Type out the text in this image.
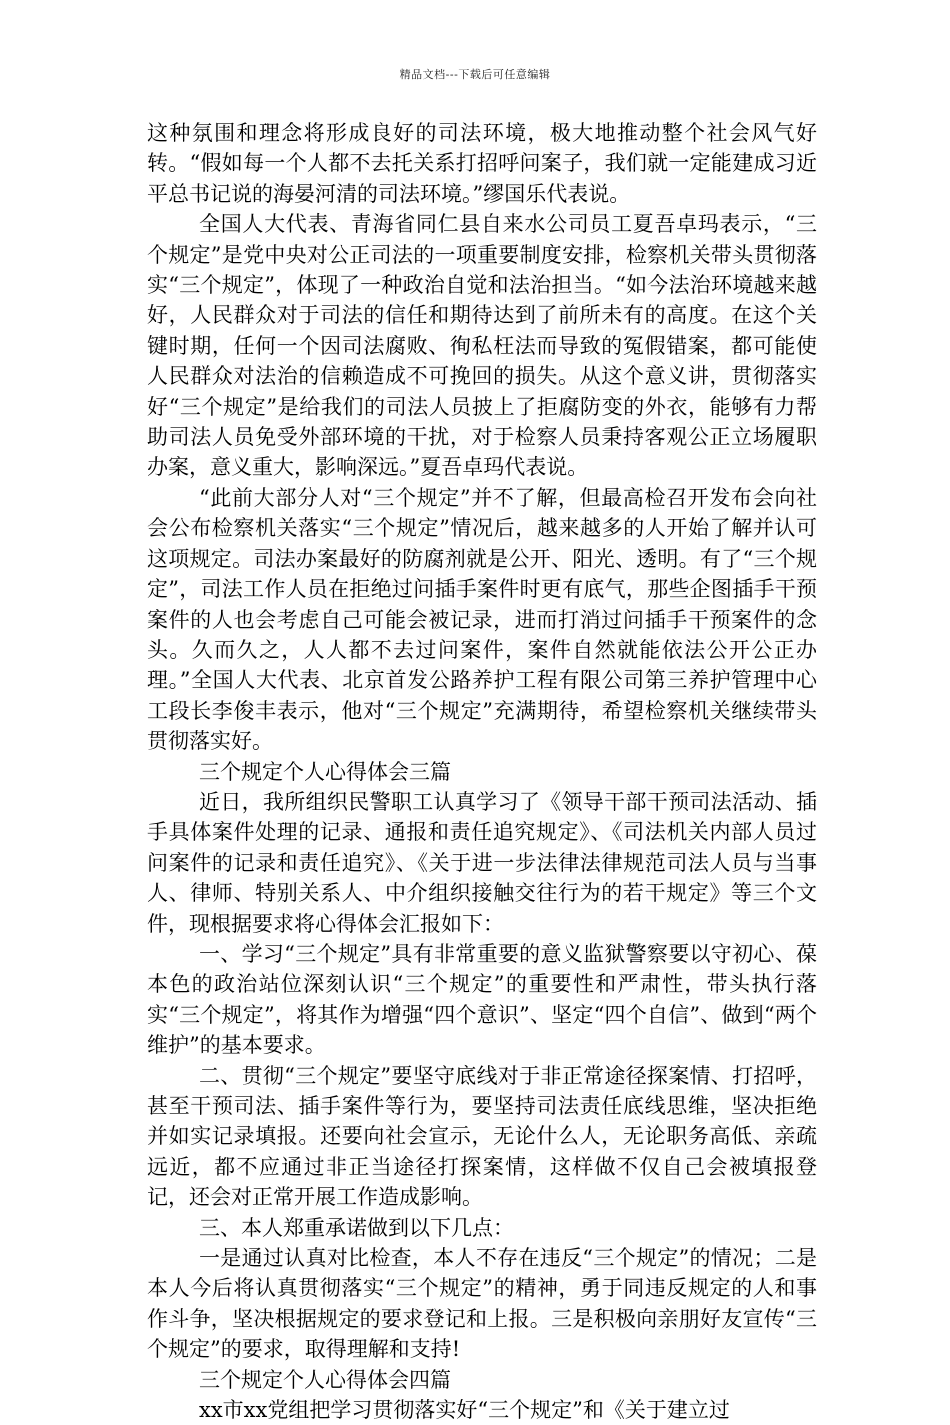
精品文档---下载后可任意编辑

这种氛围和理念将形成良好的司法环境，极大地推动整个社会风气好转。“假如每一个人都不去托关系打招呼问案子，我们就一定能建成习近平总书记说的海晏河清的司法环境。”缪国乐代表说。

全国人大代表、青海省同仁县自来水公司员工夏吾卓玛表示，“三个规定”是党中央对公正司法的一项重要制度安排，检察机关带头贯彻落实“三个规定”，体现了一种政治自觉和法治担当。“如今法治环境越来越好，人民群众对于司法的信任和期待达到了前所未有的高度。在这个关键时期，任何一个因司法腐败、徇私枉法而导致的冤假错案，都可能使人民群众对法治的信赖造成不可挽回的损失。从这个意义讲，贯彻落实好“三个规定”是给我们的司法人员披上了拒腐防变的外衣，能够有力帮助司法人员免受外部环境的干扰，对于检察人员秉持客观公正立场履职办案，意义重大，影响深远。”夏吾卓玛代表说。

“此前大部分人对“三个规定”并不了解，但最高检召开发布会向社会公布检察机关落实“三个规定”情况后，越来越多的人开始了解并认可这项规定。司法办案最好的防腐剂就是公开、阳光、透明。有了“三个规定”，司法工作人员在拒绝过问插手案件时更有底气，那些企图插手干预案件的人也会考虑自己可能会被记录，进而打消过问插手干预案件的念头。久而久之，人人都不去过问案件，案件自然就能依法公开公正办理。”全国人大代表、北京首发公路养护工程有限公司第三养护管理中心工段长李俊丰表示，他对“三个规定”充满期待，希望检察机关继续带头贯彻落实好。

三个规定个人心得体会三篇

近日，我所组织民警职工认真学习了《领导干部干预司法活动、插手具体案件处理的记录、通报和责任追究规定》、《司法机关内部人员过问案件的记录和责任追究》、《关于进一步法律法律规范司法人员与当事人、律师、特别关系人、中介组织接触交往行为的若干规定》等三个文件，现根据要求将心得体会汇报如下：

一、学习“三个规定”具有非常重要的意义监狱警察要以守初心、葆本色的政治站位深刻认识“三个规定”的重要性和严肃性，带头执行落实“三个规定”，将其作为增强“四个意识”、坚定“四个自信”、做到“两个维护”的基本要求。

二、贯彻“三个规定”要坚守底线对于非正常途径探案情、打招呼，甚至干预司法、插手案件等行为，要坚持司法责任底线思维，坚决拒绝并如实记录填报。还要向社会宣示，无论什么人，无论职务高低、亲疏远近，都不应通过非正当途径打探案情，这样做不仅自己会被填报登记，还会对正常开展工作造成影响。

三、本人郑重承诺做到以下几点：

一是通过认真对比检查，本人不存在违反“三个规定”的情况；二是本人今后将认真贯彻落实“三个规定”的精神，勇于同违反规定的人和事作斗争，坚决根据规定的要求登记和上报。三是积极向亲朋好友宣传“三个规定”的要求，取得理解和支持!

三个规定个人心得体会四篇

xx市xx党组把学习贯彻落实好“三个规定”和《关于建立过
